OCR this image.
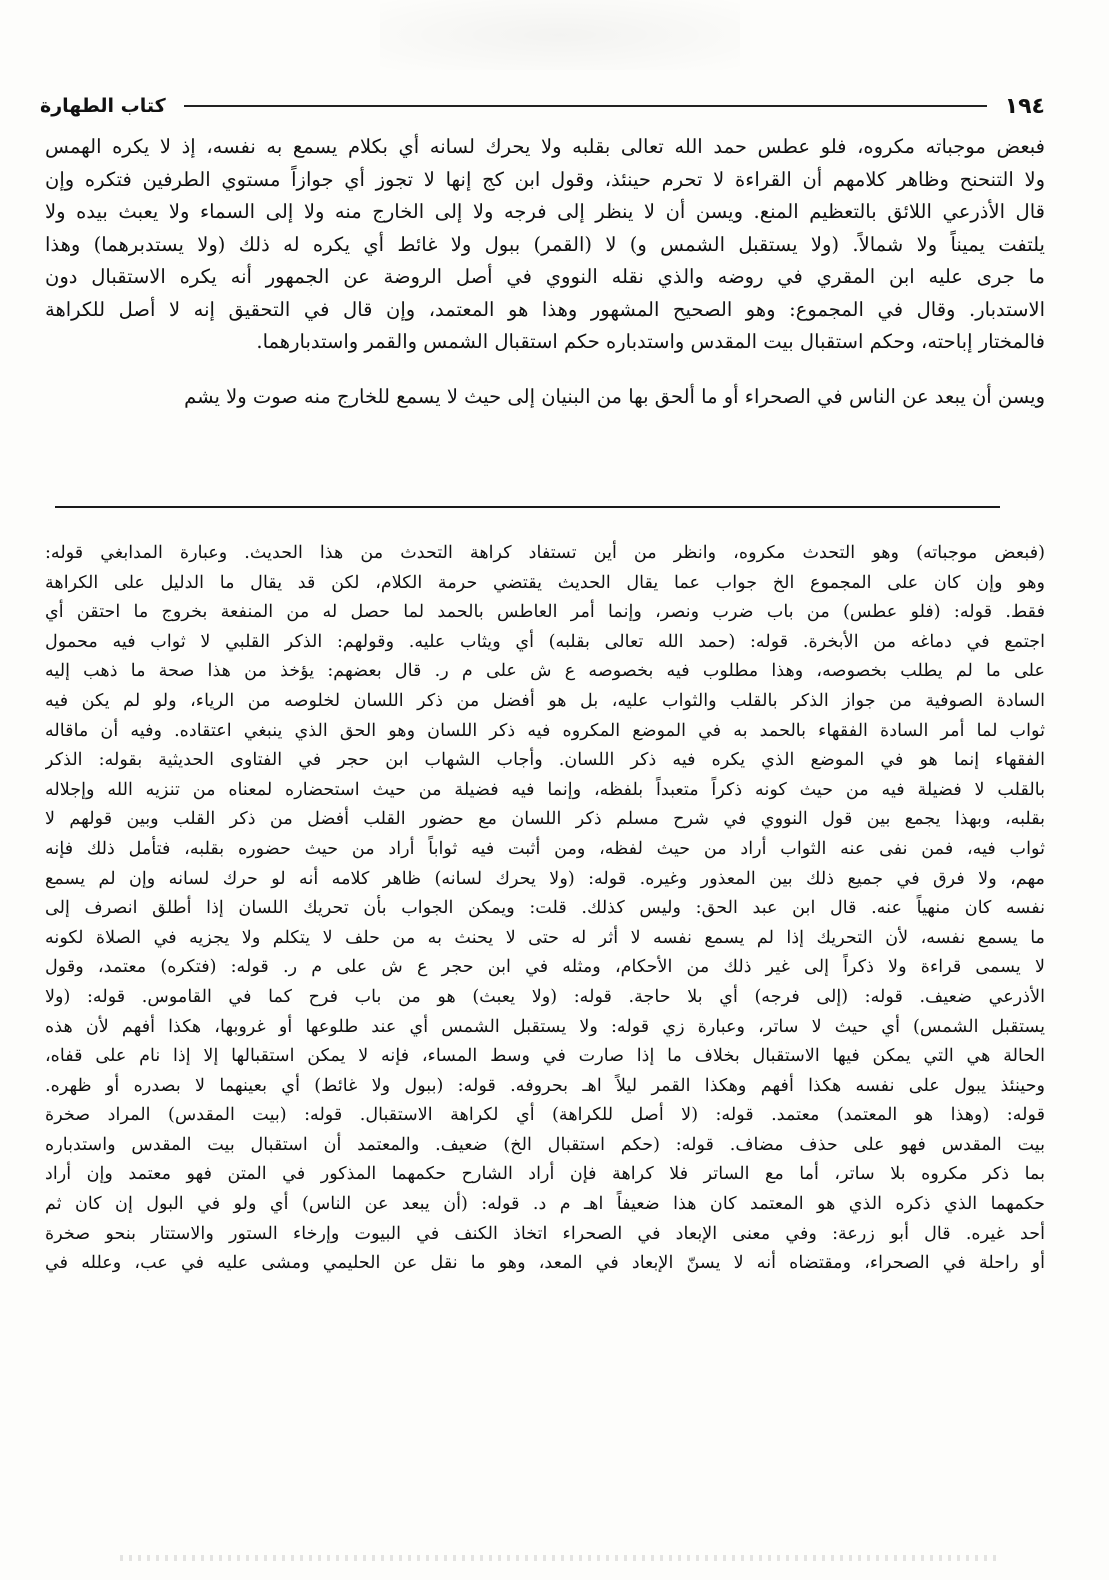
١٩٤
كتاب الطهارة
فبعض موجباته مكروه، فلو عطس حمد الله تعالى بقلبه ولا يحرك لسانه أي بكلام يسمع به نفسه، إذ لا يكره الهمس
ولا التنحنح وظاهر كلامهم أن القراءة لا تحرم حينئذ، وقول ابن كج إنها لا تجوز أي جوازاً مستوي الطرفين فتكره وإن
قال الأذرعي اللائق بالتعظيم المنع. ويسن أن لا ينظر إلى فرجه ولا إلى الخارج منه ولا إلى السماء ولا يعبث بيده ولا
يلتفت يميناً ولا شمالاً. (ولا يستقبل الشمس و) لا (القمر) ببول ولا غائط أي يكره له ذلك (ولا يستدبرهما) وهذا
ما جرى عليه ابن المقري في روضه والذي نقله النووي في أصل الروضة عن الجمهور أنه يكره الاستقبال دون
الاستدبار. وقال في المجموع: وهو الصحيح المشهور وهذا هو المعتمد، وإن قال في التحقيق إنه لا أصل للكراهة
فالمختار إباحته، وحكم استقبال بيت المقدس واستدباره حكم استقبال الشمس والقمر واستدبارهما.
ويسن أن يبعد عن الناس في الصحراء أو ما ألحق بها من البنيان إلى حيث لا يسمع للخارج منه صوت ولا يشم
(فبعض موجباته) وهو التحدث مكروه، وانظر من أين تستفاد كراهة التحدث من هذا الحديث. وعبارة المدابغي قوله:
وهو وإن كان على المجموع الخ جواب عما يقال الحديث يقتضي حرمة الكلام، لكن قد يقال ما الدليل على الكراهة
فقط. قوله: (فلو عطس) من باب ضرب ونصر، وإنما أمر العاطس بالحمد لما حصل له من المنفعة بخروج ما احتقن أي
اجتمع في دماغه من الأبخرة. قوله: (حمد الله تعالى بقلبه) أي ويثاب عليه. وقولهم: الذكر القلبي لا ثواب فيه محمول
على ما لم يطلب بخصوصه، وهذا مطلوب فيه بخصوصه ع ش على م ر. قال بعضهم: يؤخذ من هذا صحة ما ذهب إليه
السادة الصوفية من جواز الذكر بالقلب والثواب عليه، بل هو أفضل من ذكر اللسان لخلوصه من الرياء، ولو لم يكن فيه
ثواب لما أمر السادة الفقهاء بالحمد به في الموضع المكروه فيه ذكر اللسان وهو الحق الذي ينبغي اعتقاده. وفيه أن ماقاله
الفقهاء إنما هو في الموضع الذي يكره فيه ذكر اللسان. وأجاب الشهاب ابن حجر في الفتاوى الحديثية بقوله: الذكر
بالقلب لا فضيلة فيه من حيث كونه ذكراً متعبداً بلفظه، وإنما فيه فضيلة من حيث استحضاره لمعناه من تنزيه الله وإجلاله
بقلبه، وبهذا يجمع بين قول النووي في شرح مسلم ذكر اللسان مع حضور القلب أفضل من ذكر القلب وبين قولهم لا
ثواب فيه، فمن نفى عنه الثواب أراد من حيث لفظه، ومن أثبت فيه ثواباً أراد من حيث حضوره بقلبه، فتأمل ذلك فإنه
مهم، ولا فرق في جميع ذلك بين المعذور وغيره. قوله: (ولا يحرك لسانه) ظاهر كلامه أنه لو حرك لسانه وإن لم يسمع
نفسه كان منهياً عنه. قال ابن عبد الحق: وليس كذلك. قلت: ويمكن الجواب بأن تحريك اللسان إذا أطلق انصرف إلى
ما يسمع نفسه، لأن التحريك إذا لم يسمع نفسه لا أثر له حتى لا يحنث به من حلف لا يتكلم ولا يجزيه في الصلاة لكونه
لا يسمى قراءة ولا ذكراً إلى غير ذلك من الأحكام، ومثله في ابن حجر ع ش على م ر. قوله: (فتكره) معتمد، وقول
الأذرعي ضعيف. قوله: (إلى فرجه) أي بلا حاجة. قوله: (ولا يعبث) هو من باب فرح كما في القاموس. قوله: (ولا
يستقبل الشمس) أي حيث لا ساتر، وعبارة زي قوله: ولا يستقبل الشمس أي عند طلوعها أو غروبها، هكذا أفهم لأن هذه
الحالة هي التي يمكن فيها الاستقبال بخلاف ما إذا صارت في وسط المساء، فإنه لا يمكن استقبالها إلا إذا نام على قفاه،
وحينئذ يبول على نفسه هكذا أفهم وهكذا القمر ليلاً اهـ بحروفه. قوله: (ببول ولا غائط) أي بعينهما لا بصدره أو ظهره.
قوله: (وهذا هو المعتمد) معتمد. قوله: (لا أصل للكراهة) أي لكراهة الاستقبال. قوله: (بيت المقدس) المراد صخرة
بيت المقدس فهو على حذف مضاف. قوله: (حكم استقبال الخ) ضعيف. والمعتمد أن استقبال بيت المقدس واستدباره
بما ذكر مكروه بلا ساتر، أما مع الساتر فلا كراهة فإن أراد الشارح حكمهما المذكور في المتن فهو معتمد وإن أراد
حكمهما الذي ذكره الذي هو المعتمد كان هذا ضعيفاً اهـ م د. قوله: (أن يبعد عن الناس) أي ولو في البول إن كان ثم
أحد غيره. قال أبو زرعة: وفي معنى الإبعاد في الصحراء اتخاذ الكنف في البيوت وإرخاء الستور والاستتار بنحو صخرة
أو راحلة في الصحراء، ومقتضاه أنه لا يسنّ الإبعاد في المعد، وهو ما نقل عن الحليمي ومشى عليه في عب، وعلله في
